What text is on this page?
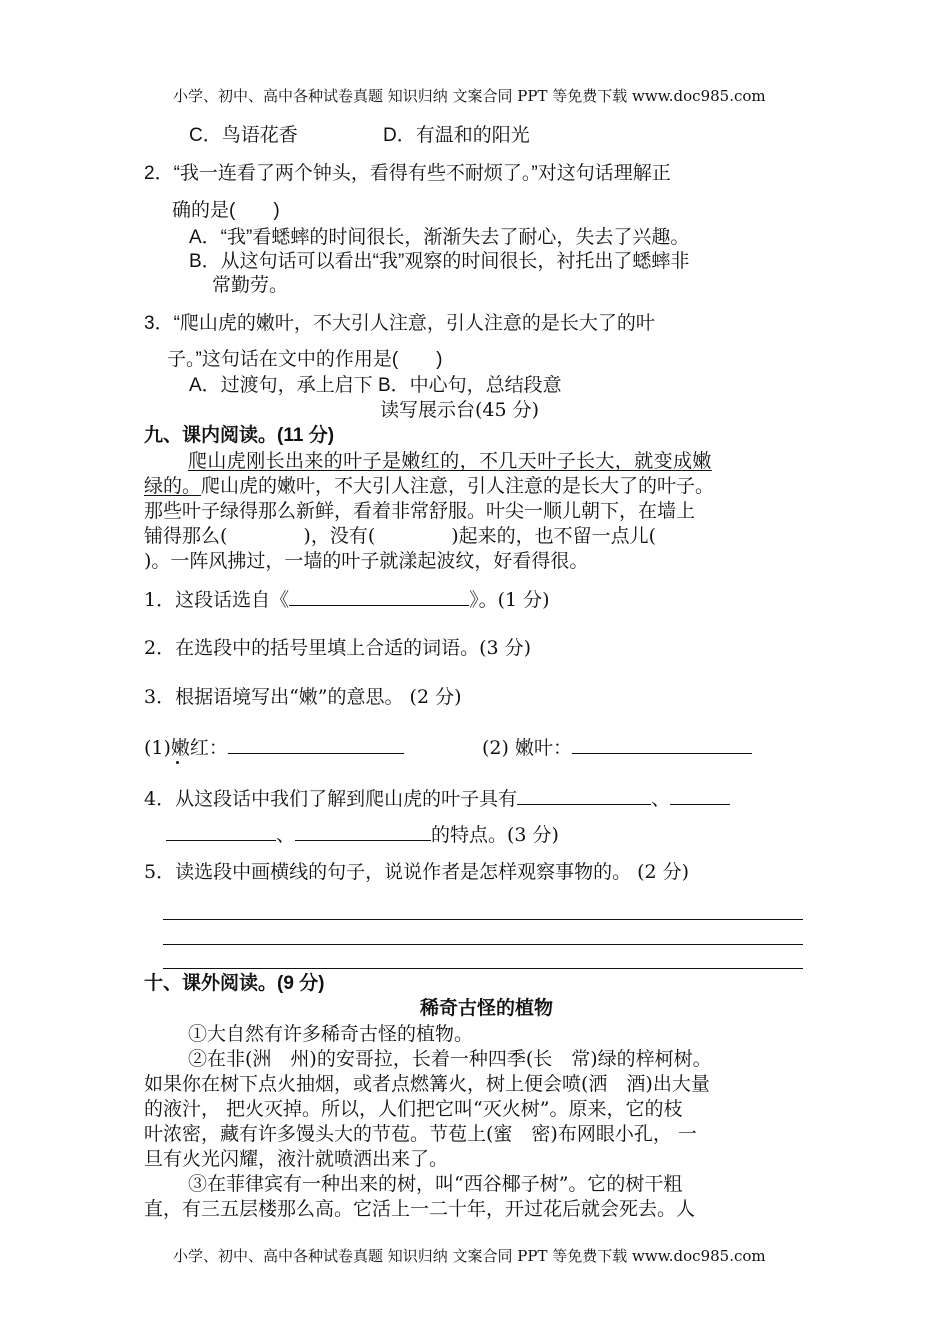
小学、初中、高中各种试卷真题 知识归纳 文案合同 PPT 等免费下载 www.doc985.com
C．鸟语花香	D．有温和的阳光
2．“我一连看了两个钟头，看得有些不耐烦了。”对这句话理解正
确的是(　　)
A．“我”看蟋蟀的时间很长，渐渐失去了耐心，失去了兴趣。
B．从这句话可以看出“我”观察的时间很长，衬托出了蟋蟀非
常勤劳。
3．“爬山虎的嫩叶，不大引人注意，引人注意的是长大了的叶
子。”这句话在文中的作用是(　　)
A．过渡句，承上启下 B．中心句，总结段意
读写展示台(45 分)
九、课内阅读。(11 分)
爬山虎刚长出来的叶子是嫩红的，不几天叶子长大，就变成嫩
绿的。爬山虎的嫩叶，不大引人注意，引人注意的是长大了的叶子。
那些叶子绿得那么新鲜，看着非常舒服。叶尖一顺儿朝下，在墙上
铺得那么(　　　　)，没有(　　　　)起来的，也不留一点儿(
)。一阵风拂过，一墙的叶子就漾起波纹，好看得很。
1．这段话选自《	》。(1 分)
2．在选段中的括号里填上合适的词语。(3 分)
3．根据语境写出“嫩”的意思。 (2 分)
(1)嫩红：	(2) 嫩叶：
4．从这段话中我们了解到爬山虎的叶子具有	、
、	的特点。(3 分)
5．读选段中画横线的句子，说说作者是怎样观察事物的。 (2 分)
十、课外阅读。(9 分)
稀奇古怪的植物
①大自然有许多稀奇古怪的植物。
②在非(洲　州)的安哥拉，长着一种四季(长　常)绿的梓柯树。
如果你在树下点火抽烟，或者点燃篝火，树上便会喷(洒　酒)出大量
的液汁， 把火灭掉。所以，人们把它叫“灭火树”。原来，它的枝
叶浓密，藏有许多馒头大的节苞。节苞上(蜜　密)布网眼小孔， 一
旦有火光闪耀，液汁就喷洒出来了。
③在菲律宾有一种出来的树，叫“西谷椰子树”。它的树干粗
直，有三五层楼那么高。它活上一二十年，开过花后就会死去。人
小学、初中、高中各种试卷真题 知识归纳 文案合同 PPT 等免费下载 www.doc985.com
